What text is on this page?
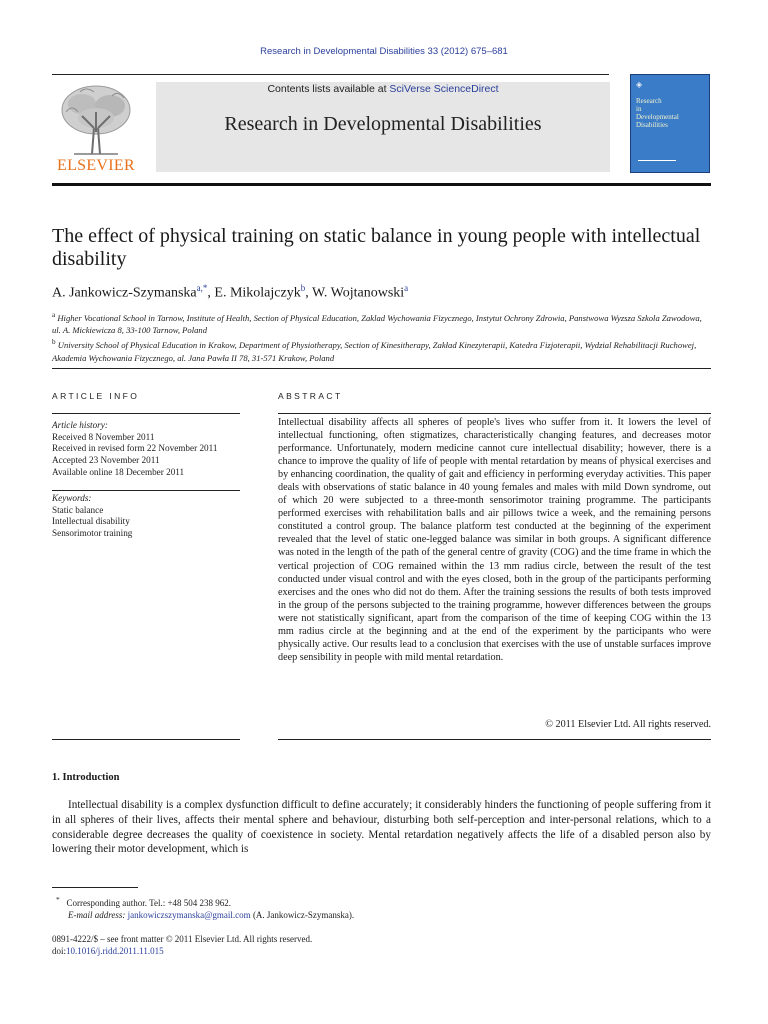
Research in Developmental Disabilities 33 (2012) 675–681
Contents lists available at SciVerse ScienceDirect
Research in Developmental Disabilities
ELSEVIER
◈
Research
in
Developmental
Disabilities
The effect of physical training on static balance in young people with intellectual disability
A. Jankowicz-Szymanska$^{a,*}$, E. Mikolajczyk$^b$, W. Wojtanowski$^a$
$^a$ Higher Vocational School in Tarnow, Institute of Health, Section of Physical Education, Zaklad Wychowania Fizycznego, Instytut Ochrony Zdrowia, Panstwowa Wyzsza Szkola Zawodowa, ul. A. Mickiewicza 8, 33-100 Tarnow, Poland
$^b$ University School of Physical Education in Krakow, Department of Physiotherapy, Section of Kinesitherapy, Zakład Kinezyterapii, Katedra Fizjoterapii, Wydzial Rehabilitacji Ruchowej, Akademia Wychowania Fizycznego, al. Jana Pawła II 78, 31-571 Krakow, Poland
ARTICLE INFO	ABSTRACT
Article history:
Received 8 November 2011
Received in revised form 22 November 2011
Accepted 23 November 2011
Available online 18 December 2011
Keywords:
Static balance
Intellectual disability
Sensorimotor training
Intellectual disability affects all spheres of people's lives who suffer from it. It lowers the level of intellectual functioning, often stigmatizes, characteristically changing features, and decreases motor performance. Unfortunately, modern medicine cannot cure intellectual disability; however, there is a chance to improve the quality of life of people with mental retardation by means of physical exercises and by enhancing coordination, the quality of gait and efficiency in performing everyday activities. This paper deals with observations of static balance in 40 young females and males with mild Down syndrome, out of which 20 were subjected to a three-month sensorimotor training programme. The participants performed exercises with rehabilitation balls and air pillows twice a week, and the remaining persons constituted a control group. The balance platform test conducted at the beginning of the experiment revealed that the level of static one-legged balance was similar in both groups. A significant difference was noted in the length of the path of the general centre of gravity (COG) and the time frame in which the vertical projection of COG remained within the 13 mm radius circle, between the result of the test conducted under visual control and with the eyes closed, both in the group of the participants performing exercises and the ones who did not do them. After the training sessions the results of both tests improved in the group of the persons subjected to the training programme, however differences between the groups were not statistically significant, apart from the comparison of the time of keeping COG within the 13 mm radius circle at the beginning and at the end of the experiment by the participants who were physically active. Our results lead to a conclusion that exercises with the use of unstable surfaces improve deep sensibility in people with mild mental retardation.
© 2011 Elsevier Ltd. All rights reserved.
1. Introduction
Intellectual disability is a complex dysfunction difficult to define accurately; it considerably hinders the functioning of people suffering from it in all spheres of their lives, affects their mental sphere and behaviour, disturbing both self-perception and inter-personal relations, which to a considerable degree decreases the quality of coexistence in society. Mental retardation negatively affects the life of a disabled person also by lowering their motor development, which is
* Corresponding author. Tel.: +48 504 238 962.
E-mail address: jankowiczszymanska@gmail.com (A. Jankowicz-Szymanska).
0891-4222/$ – see front matter © 2011 Elsevier Ltd. All rights reserved.
doi:10.1016/j.ridd.2011.11.015
